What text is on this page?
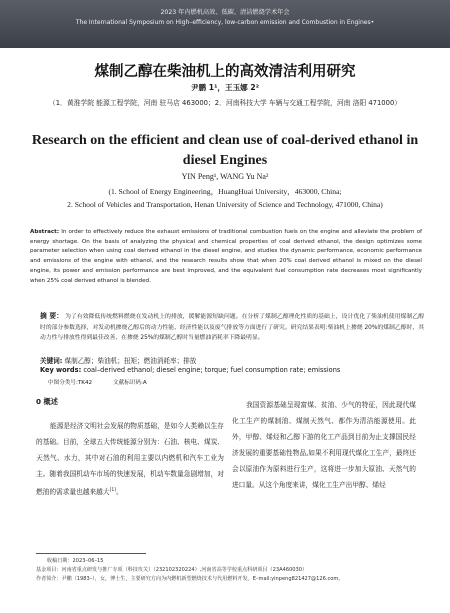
2023 年内燃机高效、低碳、清洁燃烧学术年会
The International Symposium on High–efficiency, low-carbon emission and Combustion in Engines•
煤制乙醇在柴油机上的高效清洁利用研究
尹鹏 1¹，王玉娜 2²
（1．黄淮学院 能源工程学院，河南 驻马店 463000；2．河南科技大学 车辆与交通工程学院，河南 洛阳 471000）
Research on the efficient and clean use of coal-derived ethanol in diesel Engines
YIN Peng¹, WANG Yu Na²
(1. School of Energy Engineering，HuangHuai University，463000, China;
2. School of Vehicles and Transportation, Henan University of Science and Technology, 471000, China)
Abstract: In order to effectively reduce the exhaust emissions of traditional combustion fuels on the engine and alleviate the problem of energy shortage. On the basis of analyzing the physical and chemical properties of coal derived ethanol, the design optimizes some parameter selection when using coal derived ethanol in the diesel engine, and studies the dynamic performance, economic performance and emissions of the engine with ethanol, and the research results show that when 20% coal derived ethanol is mixed on the diesel engine, its power and emission performance are best improved, and the equivalent fuel consumption rate decreases most significantly when 25% coal derived ethanol is blended.
摘 要： 为了有效降低传统燃料燃烧在发动机上的排放，缓解能源短缺问题。在分析了煤制乙醇理化性质的基础上，设计优化了柴油机使用煤制乙醇时的部分参数选择，对发动机掺烧乙醇后的动力性能、经济性能以及废气排放等方面进行了研究。研究结果表明:柴油机上掺烧 20%的煤制乙醇时，其动力性与排放性得到最佳改善，在掺烧 25%的煤制乙醇时当量燃油消耗率下降最明显。
关键词: 煤制乙醇；柴油机；扭矩；燃油消耗率；排放
Key words: coal–derived ethanol; diesel engine; torque; fuel consumption rate; emissions
中图分类号:TK42	文献标识码:A
0 概述
能源是经济文明社会发展的物质基础，是如今人类赖以生存的基础。目前，全球五大传统能源分别为：石油、核电、煤炭、天然气、水力，其中对石油的利用主要以内燃机和汽车工业为主。随着我国机动车市场的快速发展，机动车数量急剧增加，对燃油的需求量也越来越大[1]。
我国资源基础呈现富煤、贫油、少气的特征，因此现代煤化工生产的煤制油、煤制天然气、都作为清洁能源使用。此外，甲醇、烯烃和乙醇下游的化工产品到目前为止支撑国民经济发展的重要基础性物品,如果不利用现代煤化工生产，最终还会以原油作为原料进行生产，这将进一步加大原油、天然气的进口量。从这个角度来讲，煤化工生产出甲醇、烯烃
收稿日期：2023–06–15
基金项目：河南省重点研发与推广专项（科技攻关）（232102320224）,河南省高等学校重点科研项目（23A460030）
作者简介：尹鹏（1983–），女，博士生，主要研究方向为内燃机新型燃烧技术与代用燃料开发。E–mail:yinpeng821427@126.com。
